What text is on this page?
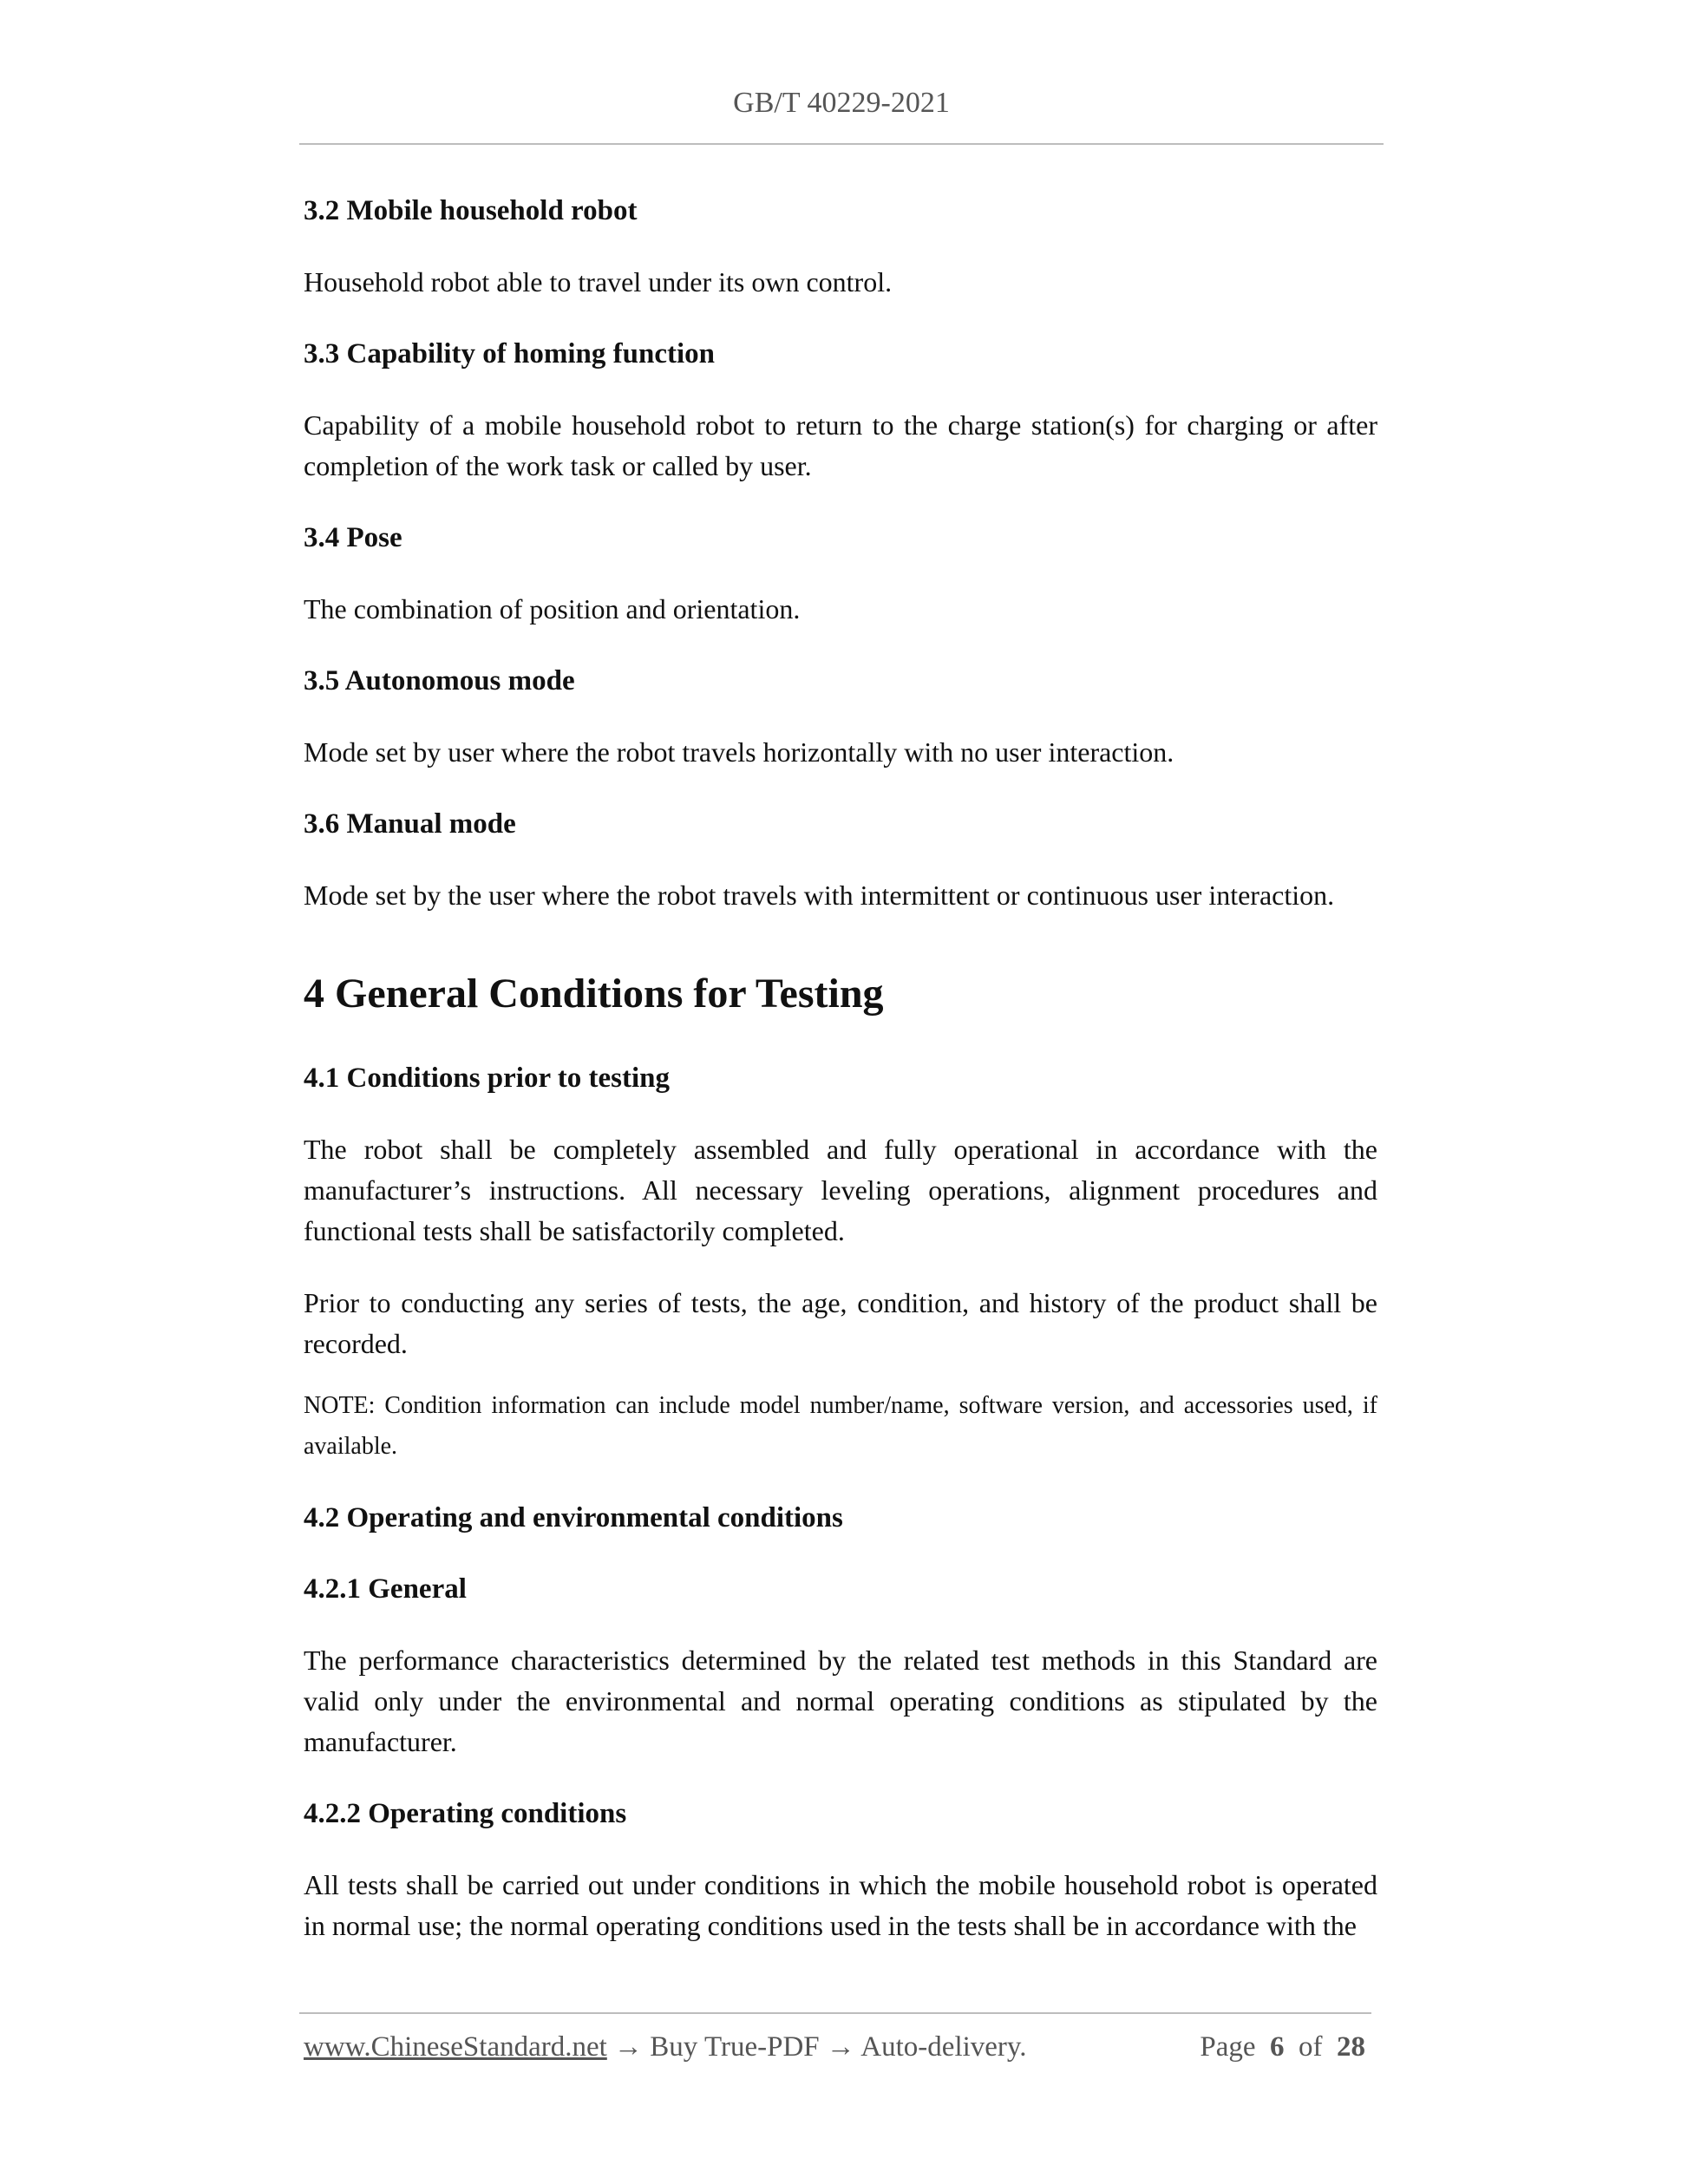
GB/T 40229-2021

3.2 Mobile household robot

Household robot able to travel under its own control.

3.3 Capability of homing function

Capability of a mobile household robot to return to the charge station(s) for charging or after completion of the work task or called by user.

3.4 Pose

The combination of position and orientation.

3.5 Autonomous mode

Mode set by user where the robot travels horizontally with no user interaction.

3.6 Manual mode

Mode set by the user where the robot travels with intermittent or continuous user interaction.

4 General Conditions for Testing

4.1 Conditions prior to testing

The robot shall be completely assembled and fully operational in accordance with the manufacturer’s instructions. All necessary leveling operations, alignment procedures and functional tests shall be satisfactorily completed.

Prior to conducting any series of tests, the age, condition, and history of the product shall be recorded.

NOTE: Condition information can include model number/name, software version, and accessories used, if available.

4.2 Operating and environmental conditions

4.2.1 General

The performance characteristics determined by the related test methods in this Standard are valid only under the environmental and normal operating conditions as stipulated by the manufacturer.

4.2.2 Operating conditions

All tests shall be carried out under conditions in which the mobile household robot is operated in normal use; the normal operating conditions used in the tests shall be in accordance with the

www.ChineseStandard.net → Buy True-PDF → Auto-delivery.	Page 6 of 28
